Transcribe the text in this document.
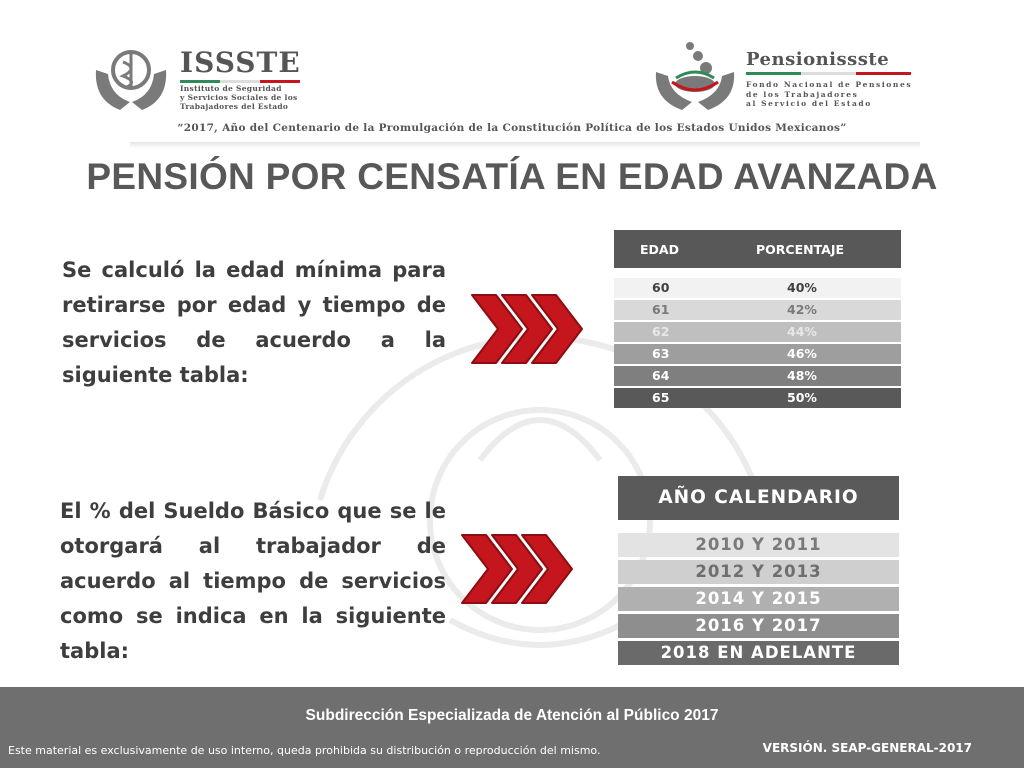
ISSSTE
Instituto de Seguridad
y Servicios Sociales de los
Trabajadores del Estado
Pensionissste
Fondo Nacional de Pensiones
de los Trabajadores
al Servicio del Estado
“2017, Año del Centenario de la Promulgación de la Constitución Política de los Estados Unidos Mexicanos”
PENSIÓN POR CENSATÍA EN EDAD AVANZADA
Se calculó la edad mínima para retirarse por edad y tiempo de servicios de acuerdo a la siguiente tabla:
El % del Sueldo Básico que se le otorgará al trabajador de acuerdo al tiempo de servicios como se indica en la siguiente tabla:
EDAD	PORCENTAJE
60	40%
61	42%
62	44%
63	46%
64	48%
65	50%
AÑO CALENDARIO
2010 Y 2011
2012 Y 2013
2014 Y 2015
2016 Y 2017
2018 EN ADELANTE
Subdirección Especializada de Atención al Público 2017
Este material es exclusivamente de uso interno, queda prohibida su distribución o reproducción del mismo.	VERSIÓN. SEAP-GENERAL-2017
